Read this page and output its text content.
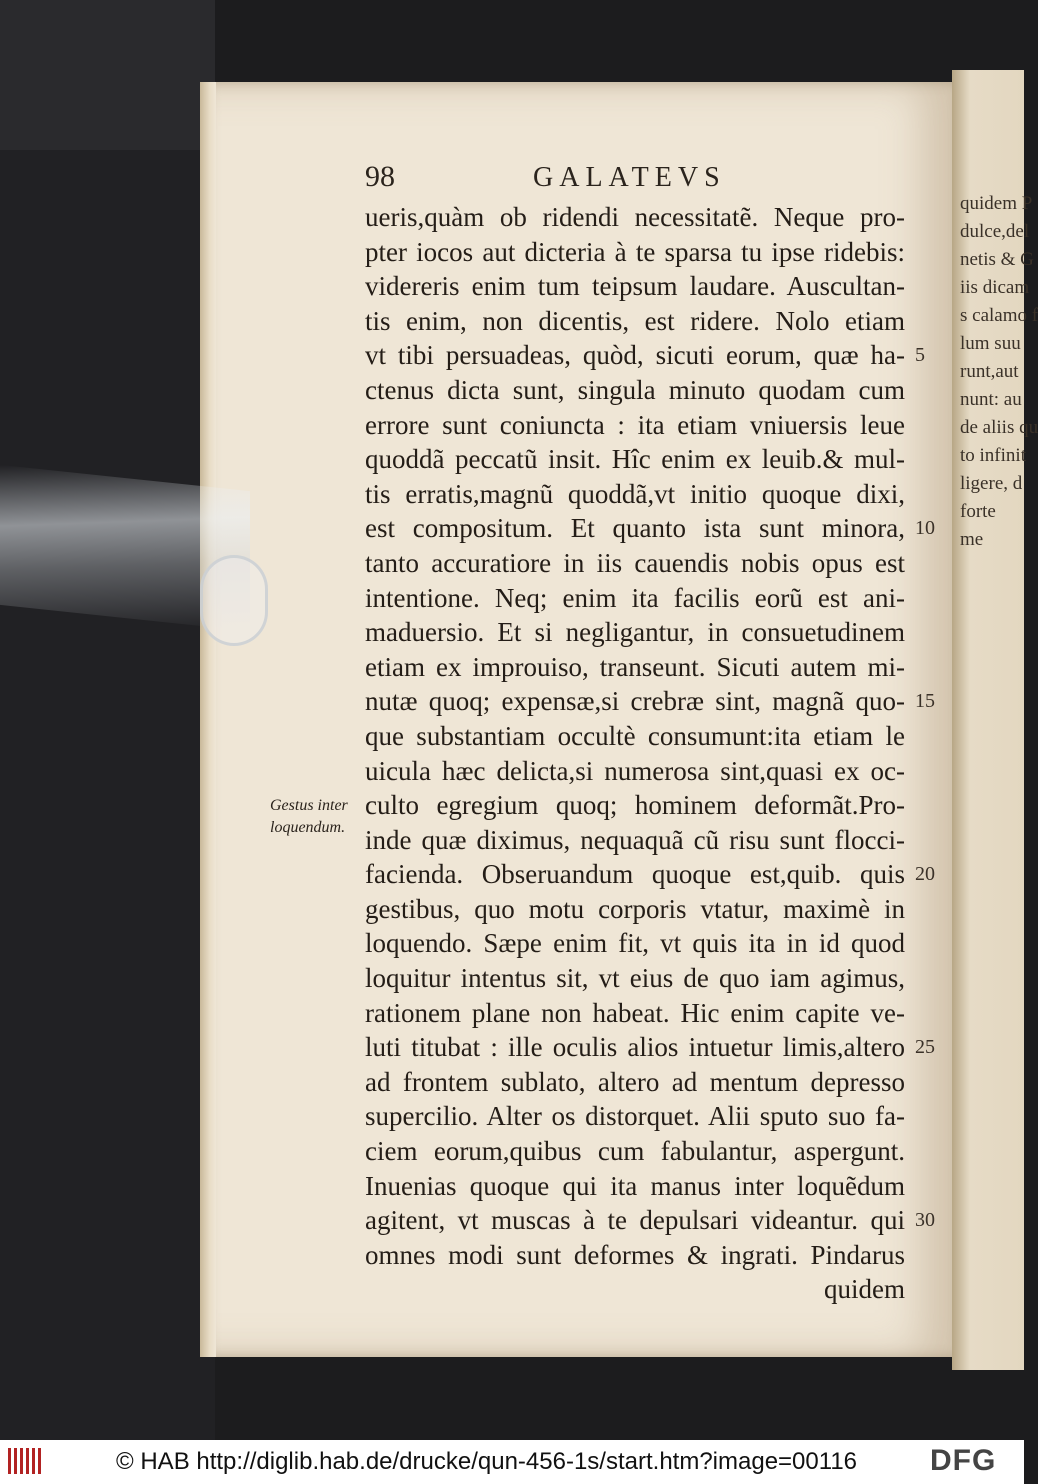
quidem P
dulce,del
netis & G
iis dicam
s calamo f
lum suu
runt,aut
nunt: au
de aliis qu
to infinit
ligere, d
forte
me
98	GALATEVS
Gestus inter
loquendum.
ueris,quàm ob ridendi necessitatẽ. Neque pro-
pter iocos aut dicteria à te sparsa tu ipse ridebis:
videreris enim tum teipsum laudare. Auscultan-
tis enim, non dicentis, est ridere. Nolo etiam
vt tibi persuadeas, quòd, sicuti eorum, quæ ha-
ctenus dicta sunt, singula minuto quodam cum
errore sunt coniuncta : ita etiam vniuersis leue
quoddã peccatũ insit. Hîc enim ex leuib.& mul-
tis erratis,magnũ quoddã,vt initio quoque dixi,
est compositum. Et quanto ista sunt minora,
tanto accuratiore in iis cauendis nobis opus est
intentione. Neq; enim ita facilis eorũ est ani-
maduersio. Et si negligantur, in consuetudinem
etiam ex improuiso, transeunt. Sicuti autem mi-
nutæ quoq; expensæ,si crebræ sint, magnã quo-
que substantiam occultè consumunt:ita etiam le
uicula hæc delicta,si numerosa sint,quasi ex oc-
culto egregium quoq; hominem deformãt.Pro-
inde quæ diximus, nequaquã cũ risu sunt flocci-
facienda. Obseruandum quoque est,quib. quis
gestibus, quo motu corporis vtatur, maximè in
loquendo. Sæpe enim fit, vt quis ita in id quod
loquitur intentus sit, vt eius de quo iam agimus,
rationem plane non habeat. Hic enim capite ve-
luti titubat : ille oculis alios intuetur limis,altero
ad frontem sublato, altero ad mentum depresso
supercilio. Alter os distorquet. Alii sputo suo fa-
ciem eorum,quibus cum fabulantur, aspergunt.
Inuenias quoque qui ita manus inter loquẽdum
agitent, vt muscas à te depulsari videantur. qui
omnes modi sunt deformes & ingrati. Pindarus
quidem
5
10
15
20
25
30
© HAB http://diglib.hab.de/drucke/qun-456-1s/start.htm?image=00116 DFG
